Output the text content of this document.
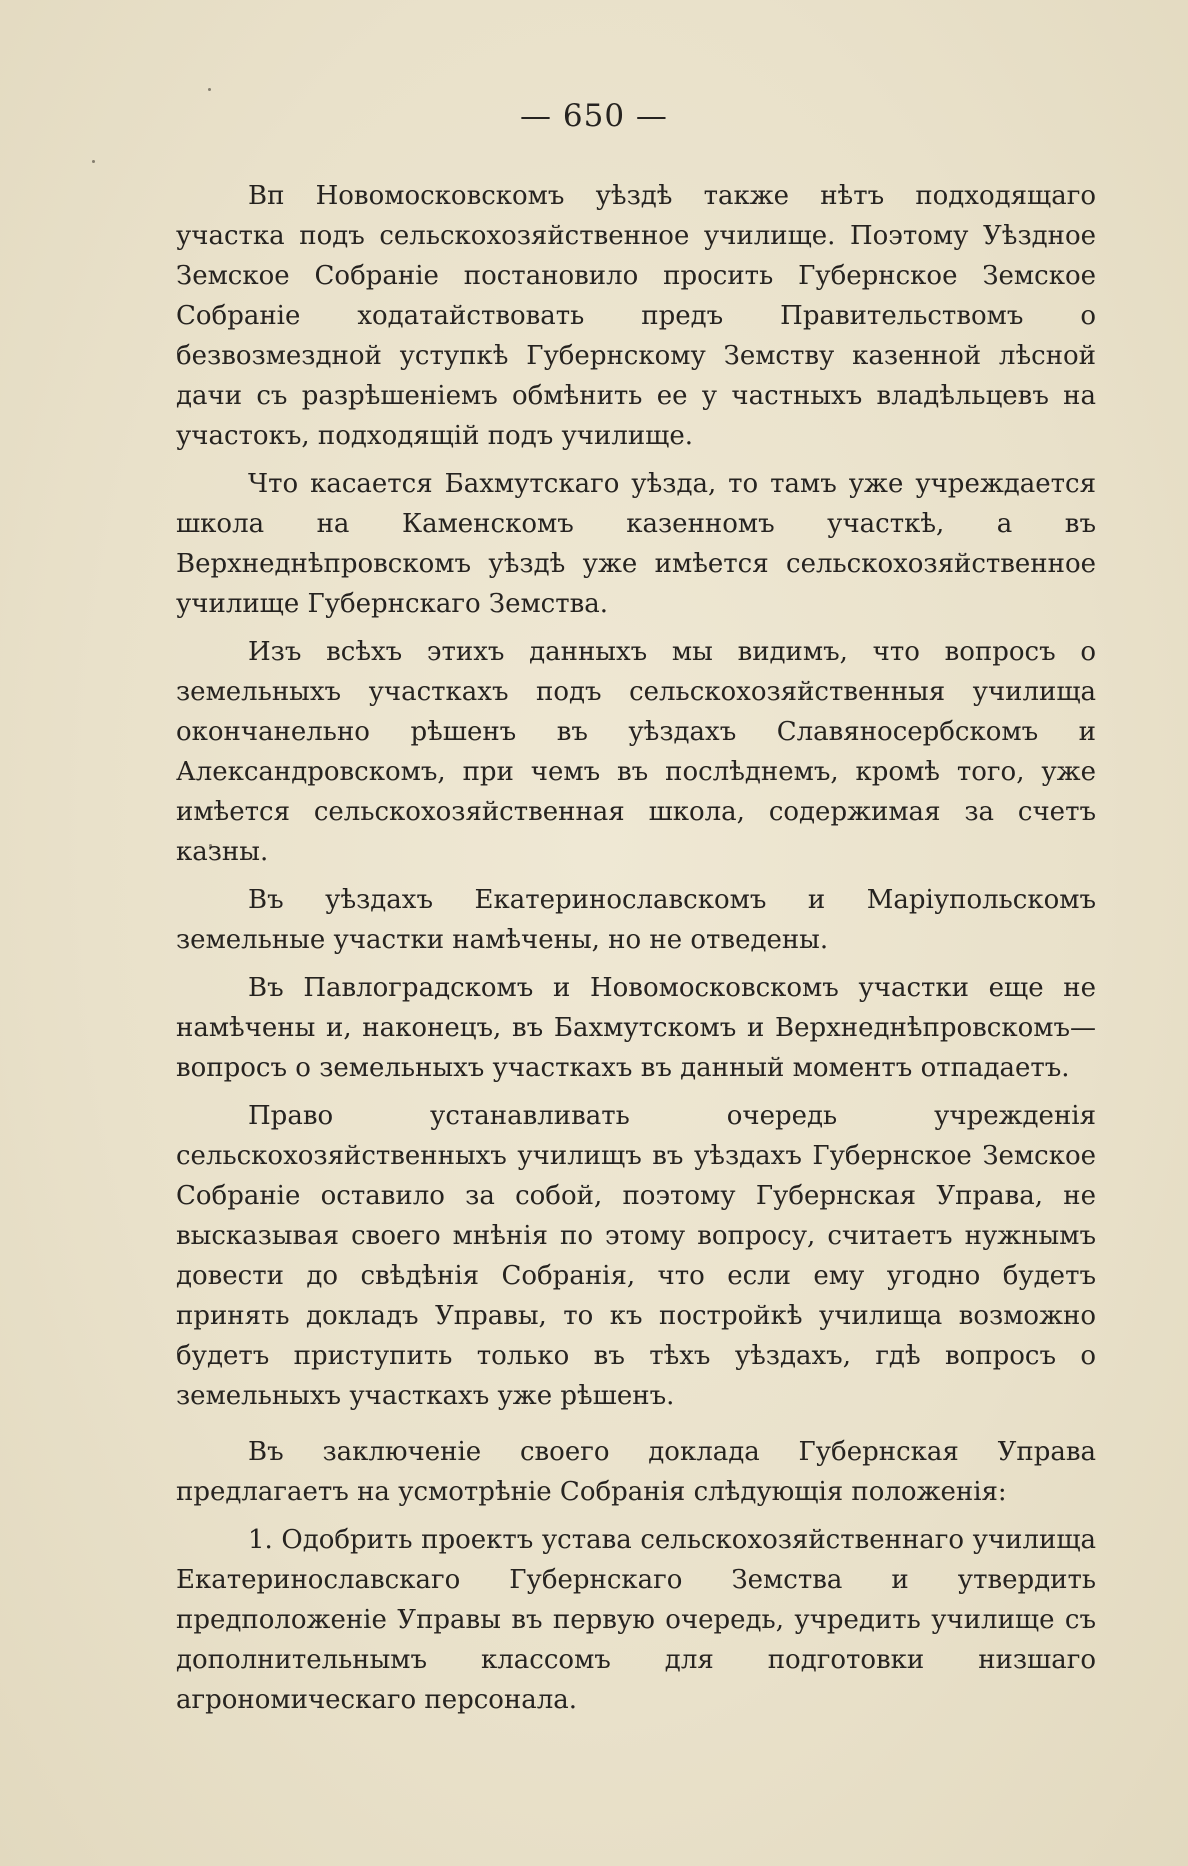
— 650 —

Вп Новомосковскомъ уѣздѣ также нѣтъ подходящаго участка подъ сельскохозяйственное училище. Поэтому Уѣздное Земское Собраніе постановило просить Губернское Земское Собраніе ходатайствовать предъ Правительствомъ о безвозмездной уступкѣ Губернскому Земству казенной лѣсной дачи съ разрѣшеніемъ обмѣнить ее у частныхъ владѣльцевъ на участокъ, подходящій подъ училище.

Что касается Бахмутскаго уѣзда, то тамъ уже учреждается школа на Каменскомъ казенномъ участкѣ, а въ Верхнеднѣпровскомъ уѣздѣ уже имѣется сельскохозяйственное училище Губернскаго Земства.

Изъ всѣхъ этихъ данныхъ мы видимъ, что вопросъ о земельныхъ участкахъ подъ сельскохозяйственныя училища окончанельно рѣшенъ въ уѣздахъ Славяносербскомъ и Александровскомъ, при чемъ въ послѣднемъ, кромѣ того, уже имѣется сельскохозяйственная школа, содержимая за счетъ казны.

Въ уѣздахъ Екатеринославскомъ и Маріупольскомъ земельные участки намѣчены, но не отведены.

Въ Павлоградскомъ и Новомосковскомъ участки еще не намѣчены и, наконецъ, въ Бахмутскомъ и Верхнеднѣпровскомъ— вопросъ о земельныхъ участкахъ въ данный моментъ отпадаетъ.

Право устанавливать очередь учрежденія сельскохозяйственныхъ училищъ въ уѣздахъ Губернское Земское Собраніе оставило за собой, поэтому Губернская Управа, не высказывая своего мнѣнія по этому вопросу, считаетъ нужнымъ довести до свѣдѣнія Собранія, что если ему угодно будетъ принять докладъ Управы, то къ постройкѣ училища возможно будетъ приступить только въ тѣхъ уѣздахъ, гдѣ вопросъ о земельныхъ участкахъ уже рѣшенъ.

Въ заключеніе своего доклада Губернская Управа предлагаетъ на усмотрѣніе Собранія слѣдующія положенія:

1. Одобрить проектъ устава сельскохозяйственнаго училища Екатеринославскаго Губернскаго Земства и утвердить предположеніе Управы въ первую очередь, учредить училище съ дополнительнымъ классомъ для подготовки низшаго агрономическаго персонала.
